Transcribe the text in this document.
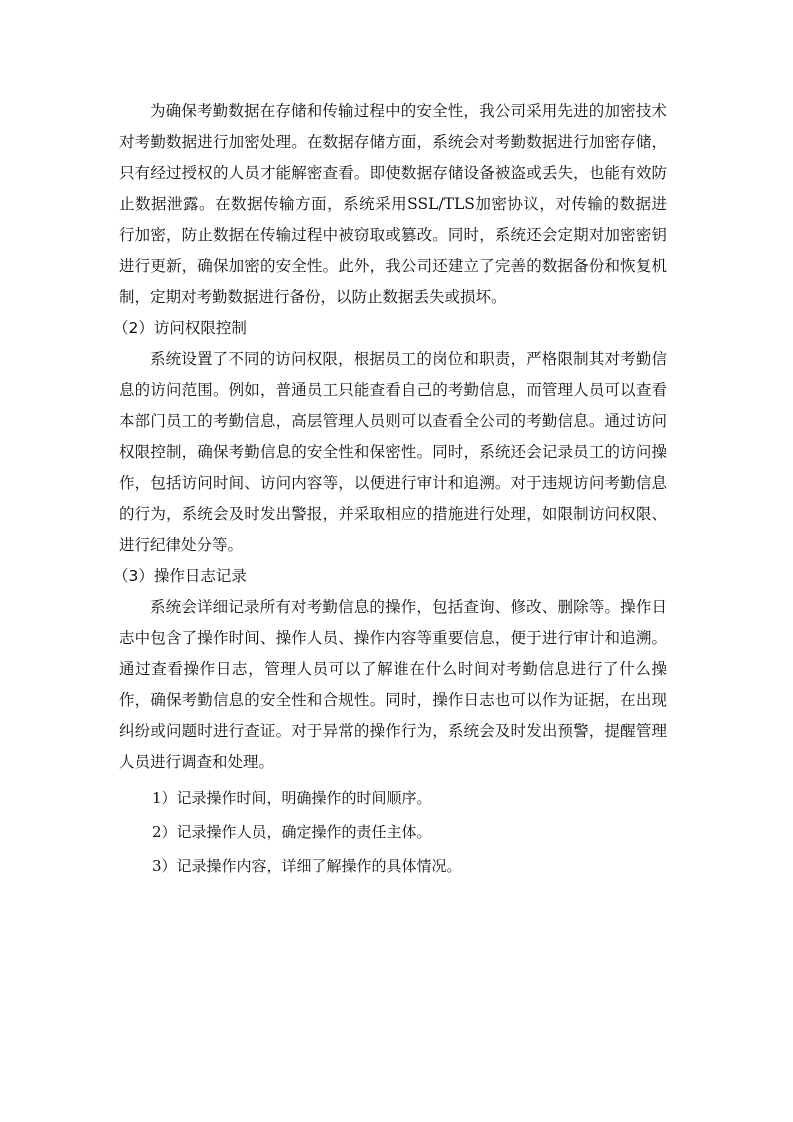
为确保考勤数据在存储和传输过程中的安全性，我公司采用先进的加密技术对考勤数据进行加密处理。在数据存储方面，系统会对考勤数据进行加密存储，只有经过授权的人员才能解密查看。即使数据存储设备被盗或丢失，也能有效防止数据泄露。在数据传输方面，系统采用SSL/TLS加密协议，对传输的数据进行加密，防止数据在传输过程中被窃取或篡改。同时，系统还会定期对加密密钥进行更新，确保加密的安全性。此外，我公司还建立了完善的数据备份和恢复机制，定期对考勤数据进行备份，以防止数据丢失或损坏。

（2）访问权限控制

系统设置了不同的访问权限，根据员工的岗位和职责，严格限制其对考勤信息的访问范围。例如，普通员工只能查看自己的考勤信息，而管理人员可以查看本部门员工的考勤信息，高层管理人员则可以查看全公司的考勤信息。通过访问权限控制，确保考勤信息的安全性和保密性。同时，系统还会记录员工的访问操作，包括访问时间、访问内容等，以便进行审计和追溯。对于违规访问考勤信息的行为，系统会及时发出警报，并采取相应的措施进行处理，如限制访问权限、进行纪律处分等。

（3）操作日志记录

系统会详细记录所有对考勤信息的操作，包括查询、修改、删除等。操作日志中包含了操作时间、操作人员、操作内容等重要信息，便于进行审计和追溯。通过查看操作日志，管理人员可以了解谁在什么时间对考勤信息进行了什么操作，确保考勤信息的安全性和合规性。同时，操作日志也可以作为证据，在出现纠纷或问题时进行查证。对于异常的操作行为，系统会及时发出预警，提醒管理人员进行调查和处理。

1）记录操作时间，明确操作的时间顺序。

2）记录操作人员，确定操作的责任主体。

3）记录操作内容，详细了解操作的具体情况。
